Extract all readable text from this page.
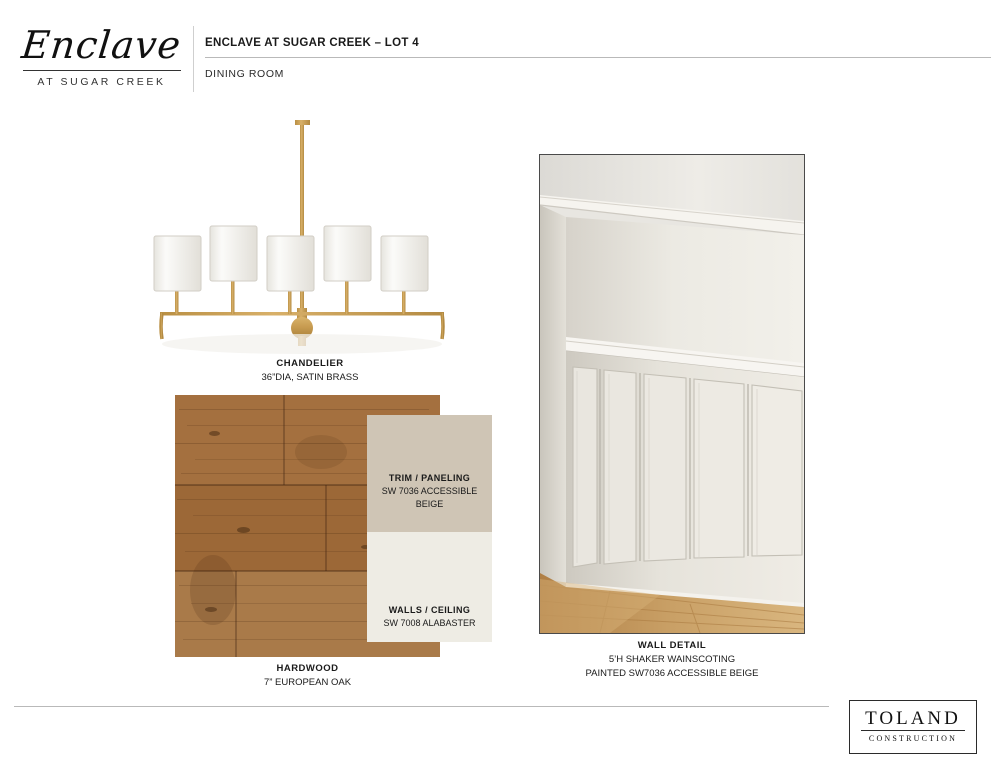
Enclave
AT SUGAR CREEK
ENCLAVE AT SUGAR CREEK – LOT 4
DINING ROOM
CHANDELIER
36”DIA, SATIN BRASS
HARDWOOD
7” EUROPEAN OAK
TRIM / PANELING
SW 7036 ACCESSIBLE
BEIGE
WALLS / CEILING
SW 7008 ALABASTER
WALL DETAIL
5’H SHAKER WAINSCOTING
PAINTED SW7036 ACCESSIBLE BEIGE
TOLAND
CONSTRUCTION
